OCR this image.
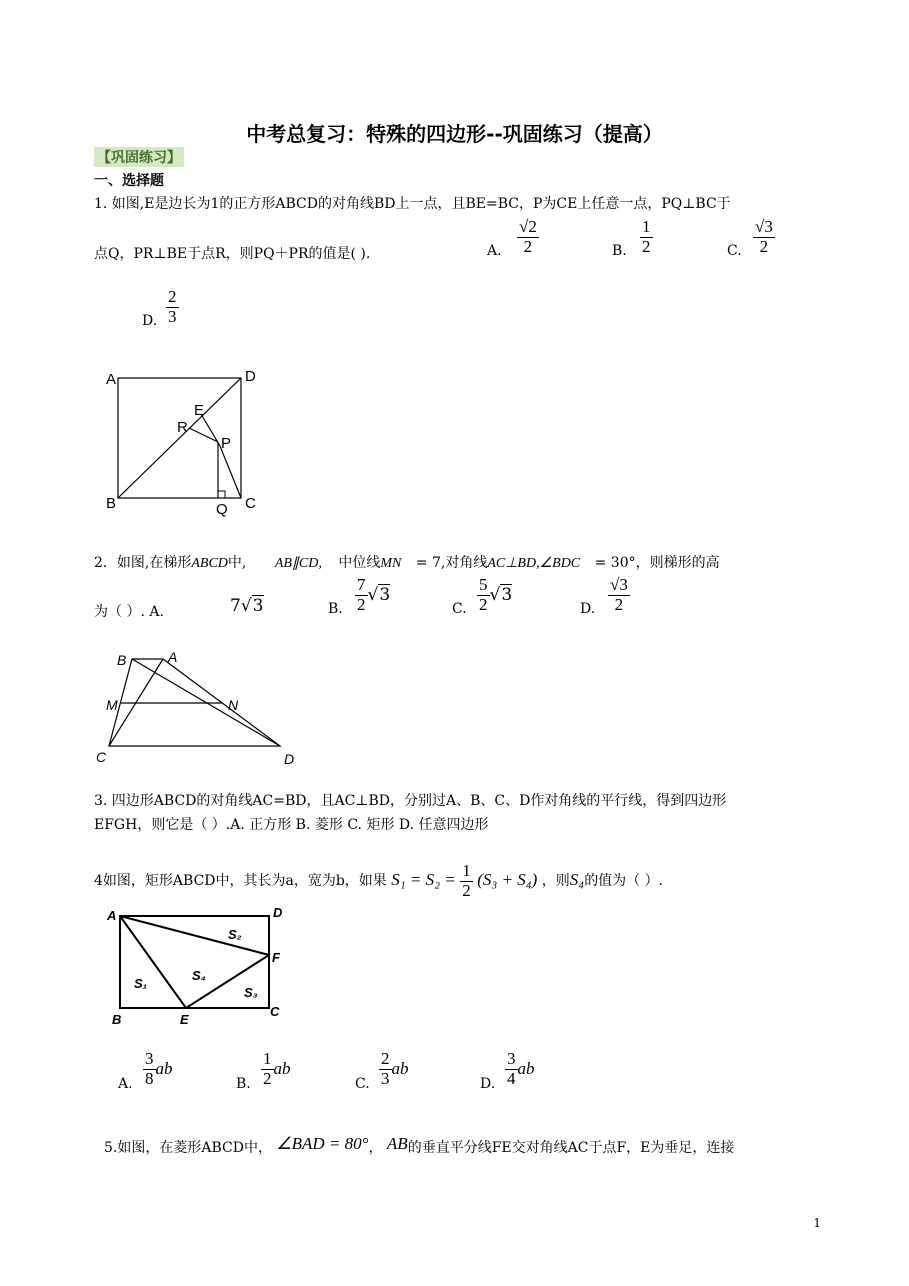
中考总复习：特殊的四边形--巩固练习（提高）
【巩固练习】
一、选择题
1. 如图,E是边长为1的正方形ABCD的对角线BD上一点，且BE=BC，P为CE上任意一点，PQ⊥BC于
点Q，PR⊥BE于点R，则PQ＋PR的值是( ).	A. $\frac{√2}{2}$	B. $\frac{1}{2}$	C. $\frac{√3}{2}$
D. $\frac{2}{3}$
A	D
B	C
E
R
P
Q
2．如图,在梯形ABCD中, AB∥CD, 中位线MN = 7,对角线AC⊥BD,∠BDC = 30°，则梯形的高
为（ ）. A.	7√3	B. $\frac{7}{2} √3$
C. $\frac{5}{2} √3$
D. $\frac{√3}{2}$
B	A
M	N
C	D
3. 四边形ABCD的对角线AC=BD，且AC⊥BD，分别过A、B、C、D作对角线的平行线，得到四边形
EFGH，则它是（ ）.A. 正方形 B. 菱形 C. 矩形 D. 任意四边形
4如图，矩形ABCD中，其长为a，宽为b，如果 $S_1 = S_2 = \frac{1}{2} (S_3 + S_4)$ ，则S₄的值为（ ）.
A	D
B	E
C
F
S₂
S₁
S₄
S₃
A. $\frac{3}{8}$ ab
B. $\frac{1}{2}$ ab
C. $\frac{2}{3}$ ab
D. $\frac{3}{4}$ ab
5.如图，在菱形ABCD中， ∠BAD = 80°， AB的垂直平分线FE交对角线AC于点F，E为垂足，连接
1
